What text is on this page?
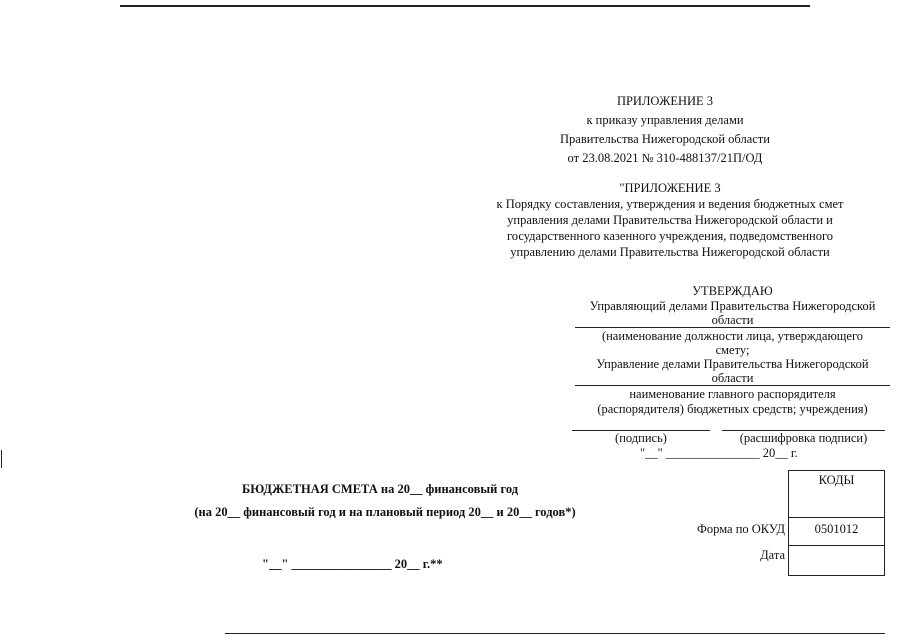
ПРИЛОЖЕНИЕ 3
к приказу управления делами
Правительства Нижегородской области
от 23.08.2021 № 310-488137/21П/ОД
"ПРИЛОЖЕНИЕ 3
к Порядку составления, утверждения и ведения бюджетных смет
управления делами Правительства Нижегородской области и
государственного казенного учреждения, подведомственного
управлению делами Правительства Нижегородской области
УТВЕРЖДАЮ
Управляющий делами Правительства Нижегородской
области
(наименование должности лица, утверждающего
смету;
Управление делами Правительства Нижегородской
области
наименование главного распорядителя
(распорядителя) бюджетных средств; учреждения)
(подпись)	(расшифровка подписи)
"__" _______________ 20__ г.
БЮДЖЕТНАЯ СМЕТА на 20__ финансовый год
(на 20__ финансовый год и на плановый период 20__ и 20__ годов*)
"__" ________________ 20__ г.**
КОДЫ
Форма по ОКУД	0501012
Дата
